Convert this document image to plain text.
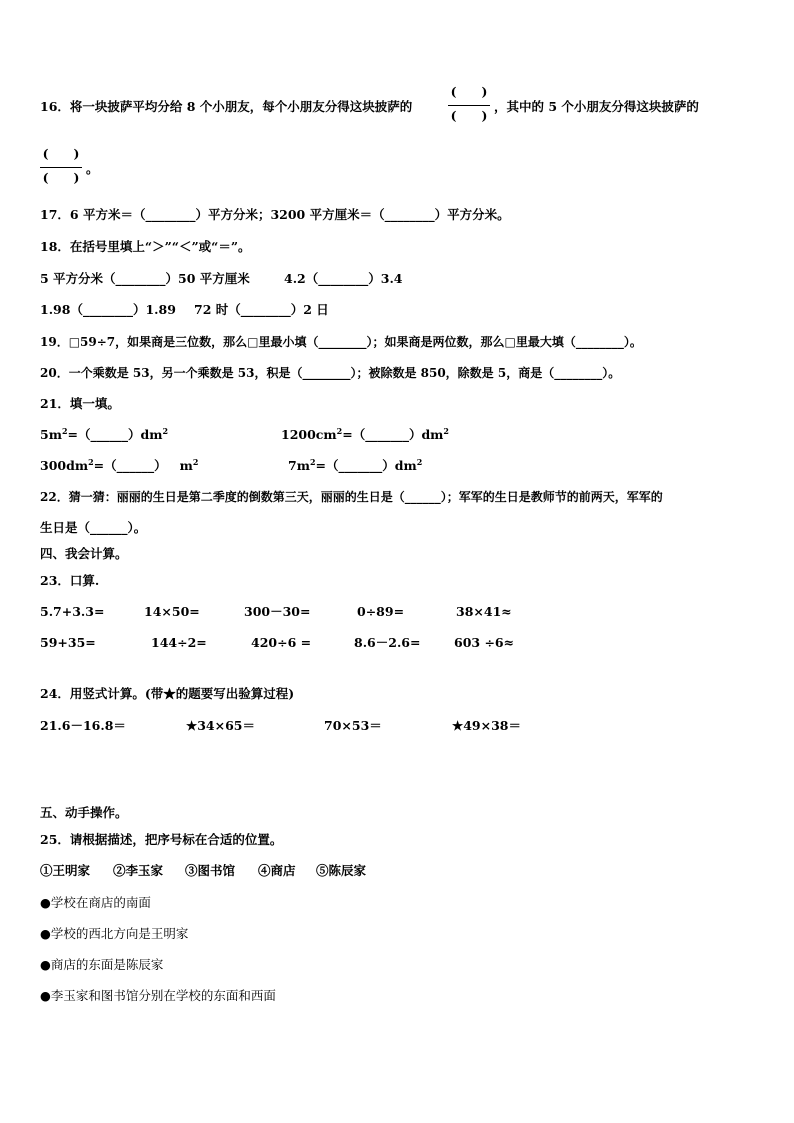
16．将一块披萨平均分给 8 个小朋友，每个小朋友分得这块披萨的
(　　)
(　　)
，其中的 5 个小朋友分得这块披萨的
(　　)
(　　)
。
17．6 平方米＝（________）平方分米；3200 平方厘米＝（________）平方分米。
18．在括号里填上“＞”“＜”或“＝”。
5 平方分米（________）50 平方厘米	4.2（________）3.4
1.98（________）1.89 72 时（________）2 日
19．□59÷7，如果商是三位数，那么□里最小填（________）；如果商是两位数，那么□里最大填（________）。
20．一个乘数是 53，另一个乘数是 53，积是（________）；被除数是 850，除数是 5，商是（________）。
21．填一填。
$5m^2=(\_\_\_\_\_\_)dm^2$	$1200cm^2=(\_\_\_\_\_\_\_)dm^2$
$300dm^2=(\_\_\_\_\_\_)$   $m^2$	$7m^2=(\_\_\_\_\_\_\_)dm^2$
22．猜一猜：丽丽的生日是第二季度的倒数第三天，丽丽的生日是（______）；军军的生日是教师节的前两天，军军的
生日是（______）。
四、我会计算。
23．口算.
5.7+3.3=	14×50=	300－30=	0÷89=	38×41≈
59+35=	144÷2=	420÷6 =	8.6－2.6=	603 ÷6≈
24．用竖式计算。(带★的题要写出验算过程)
21.6－16.8＝	★34×65＝	70×53＝	★49×38＝
五、动手操作。
25．请根据描述，把序号标在合适的位置。
①王明家 ②李玉家 ③图书馆 ④商店 ⑤陈辰家
●学校在商店的南面
●学校的西北方向是王明家
●商店的东面是陈辰家
●李玉家和图书馆分别在学校的东面和西面
